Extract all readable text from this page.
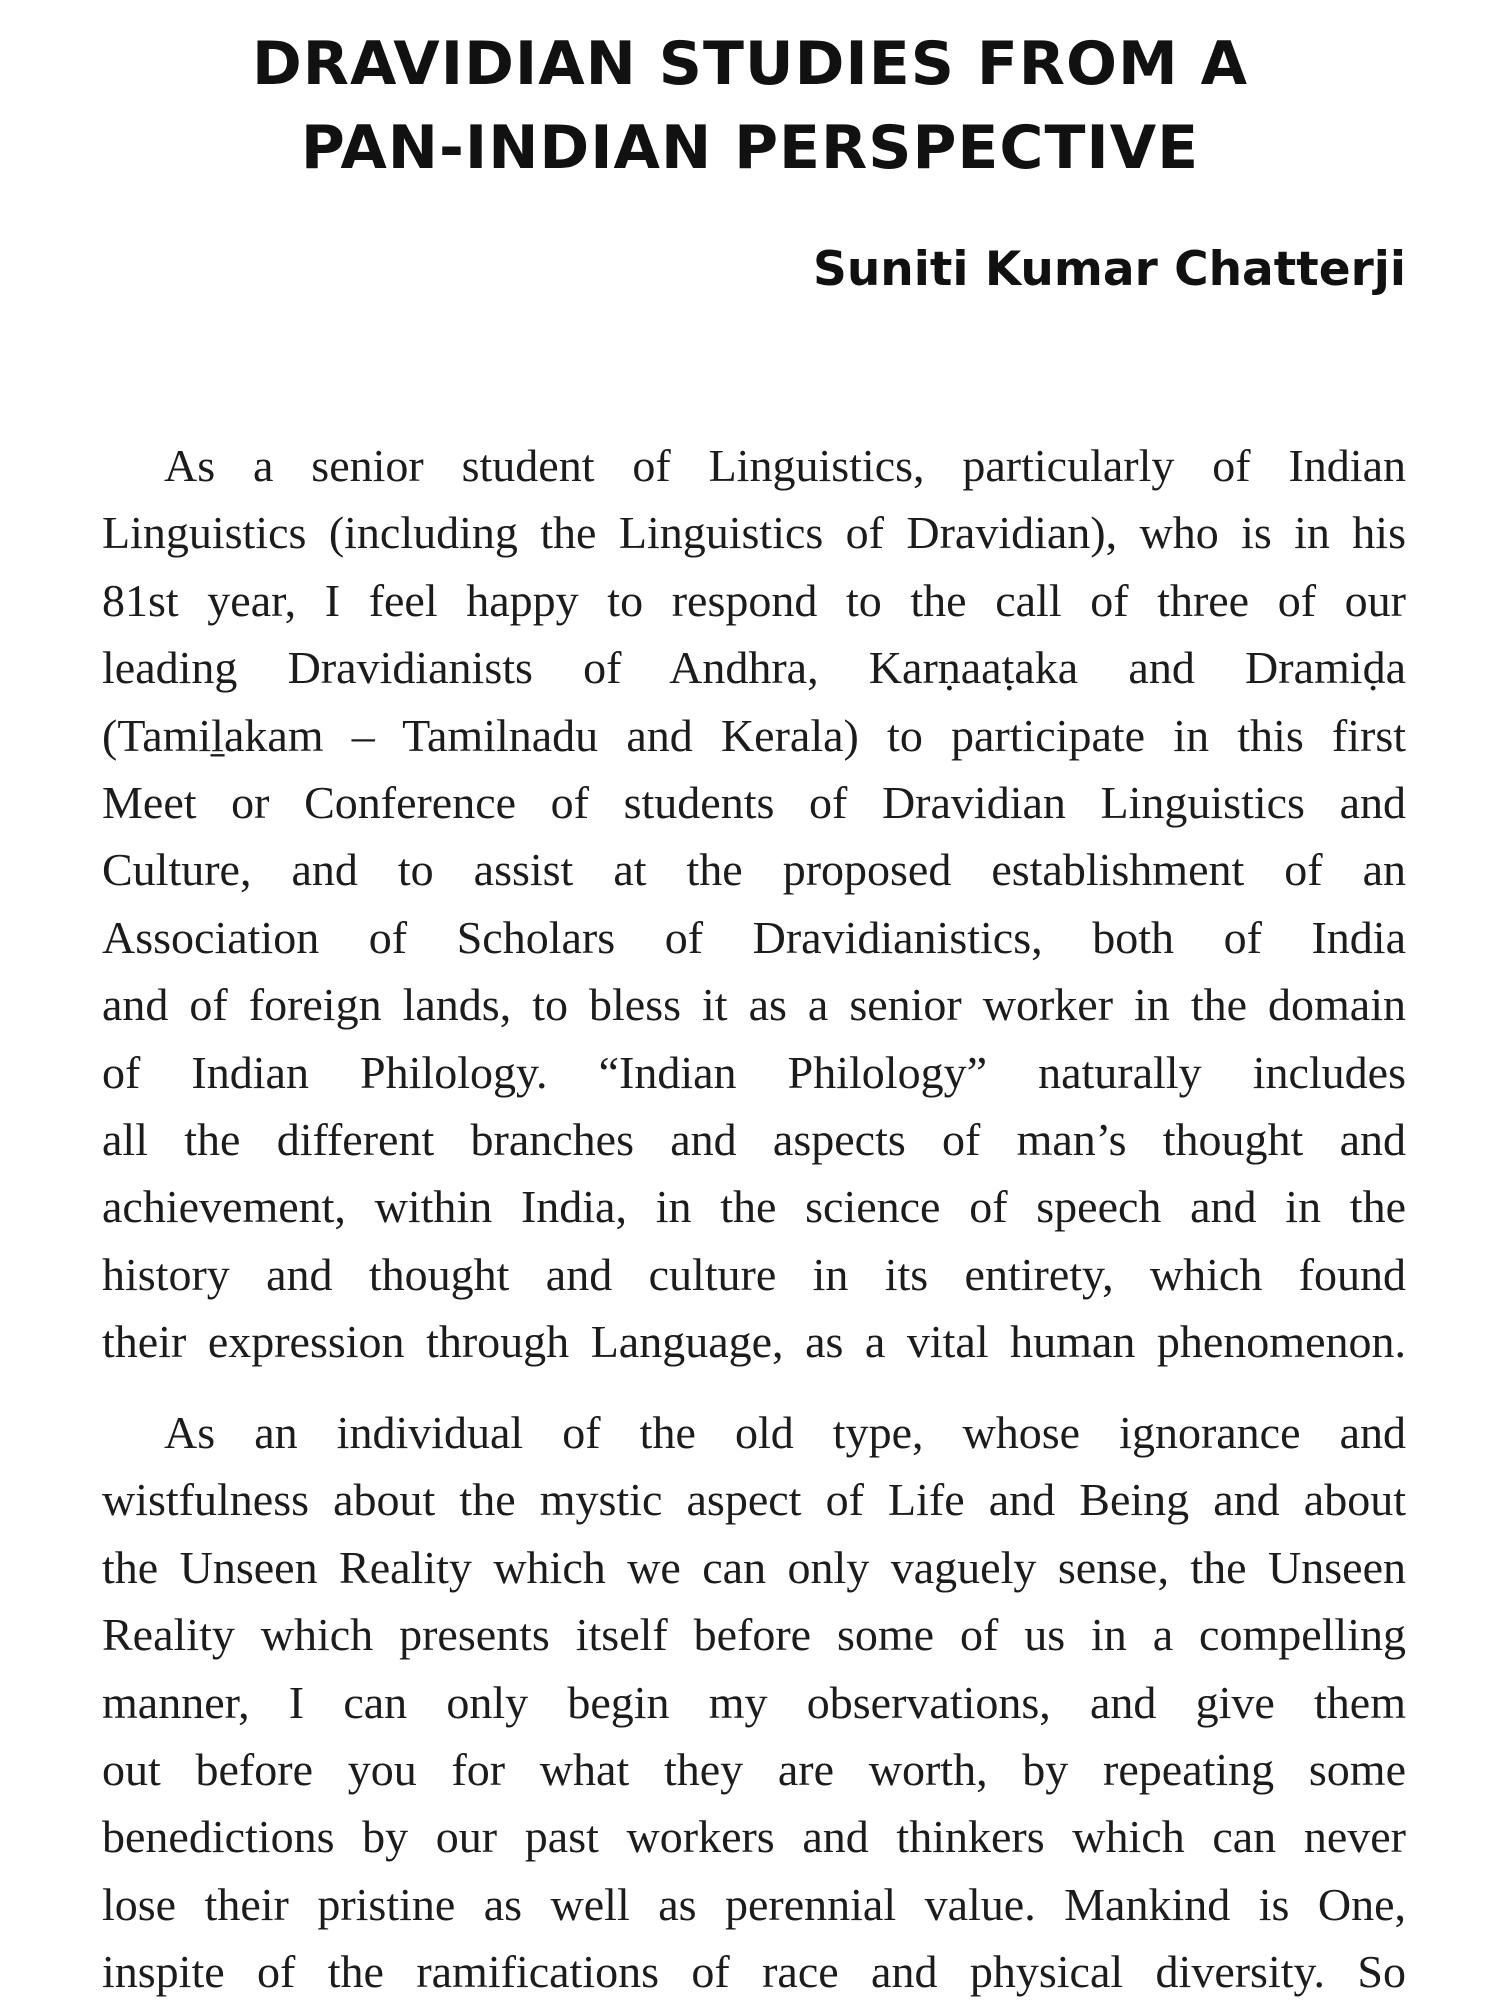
DRAVIDIAN STUDIES FROM A
PAN-INDIAN PERSPECTIVE

Suniti Kumar Chatterji

As a senior student of Linguistics, particularly of Indian
Linguistics (including the Linguistics of Dravidian), who is in his
81st year, I feel happy to respond to the call of three of our
leading Dravidianists of Andhra, Karṇaaṭaka and Dramiḍa
(Tamiḻakam – Tamilnadu and Kerala) to participate in this first
Meet or Conference of students of Dravidian Linguistics and
Culture, and to assist at the proposed establishment of an
Association of Scholars of Dravidianistics, both of India
and of foreign lands, to bless it as a senior worker in the domain
of Indian Philology. “Indian Philology” naturally includes
all the different branches and aspects of man’s thought and
achievement, within India, in the science of speech and in the
history and thought and culture in its entirety, which found
their expression through Language, as a vital human phenomenon.
As an individual of the old type, whose ignorance and
wistfulness about the mystic aspect of Life and Being and about
the Unseen Reality which we can only vaguely sense, the Unseen
Reality which presents itself before some of us in a compelling
manner, I can only begin my observations, and give them
out before you for what they are worth, by repeating some
benedictions by our past workers and thinkers which can never
lose their pristine as well as perennial value. Mankind is One,
inspite of the ramifications of race and physical diversity. So
